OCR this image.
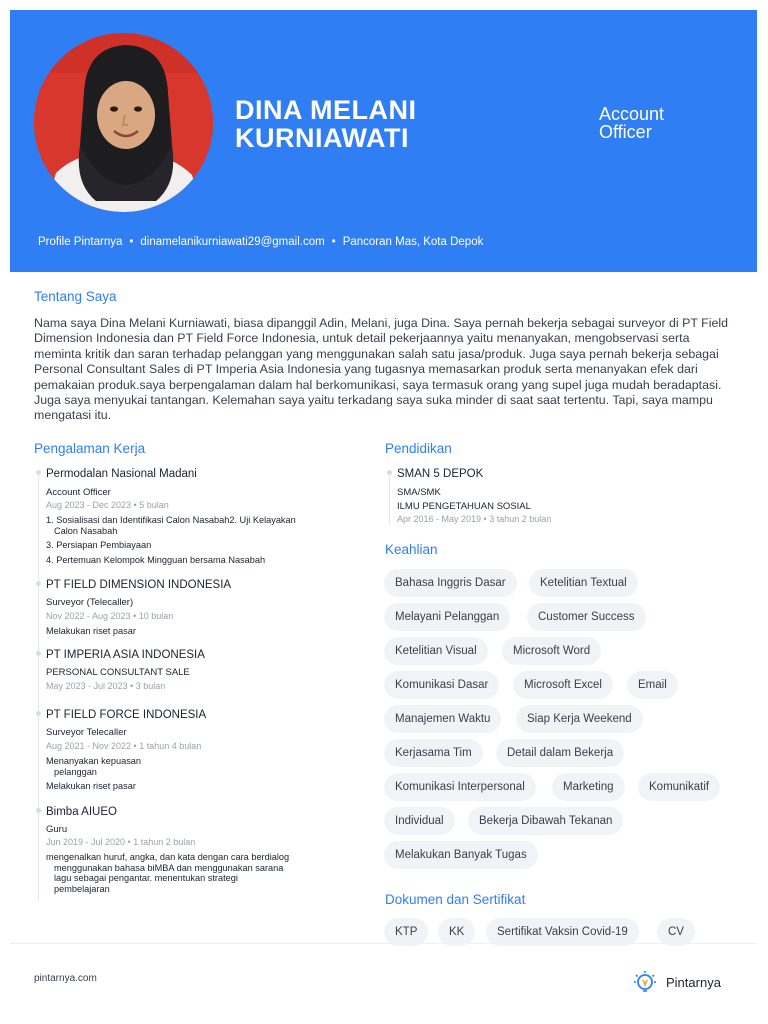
DINA MELANI
KURNIAWATI
Account
Officer
Profile Pintarnya • dinamelanikurniawati29@gmail.com • Pancoran Mas, Kota Depok
Tentang Saya

Nama saya Dina Melani Kurniawati, biasa dipanggil Adin, Melani, juga Dina. Saya pernah bekerja sebagai surveyor di PT Field Dimension Indonesia dan PT Field Force Indonesia, untuk detail pekerjaannya yaitu menanyakan, mengobservasi serta meminta kritik dan saran terhadap pelanggan yang menggunakan salah satu jasa/produk. Juga saya pernah bekerja sebagai Personal Consultant Sales di PT Imperia Asia Indonesia yang tugasnya memasarkan produk serta menanyakan efek dari pemakaian produk.saya berpengalaman dalam hal berkomunikasi, saya termasuk orang yang supel juga mudah beradaptasi. Juga saya menyukai tantangan. Kelemahan saya yaitu terkadang saya suka minder di saat saat tertentu. Tapi, saya mampu mengatasi itu.

Pengalaman Kerja
Permodalan Nasional Madani
Account Officer
Aug 2023 - Dec 2023 • 5 bulan
1. Sosialisasi dan Identifikasi Calon Nasabah2. Uji Kelayakan
Calon Nasabah
3. Persiapan Pembiayaan
4. Pertemuan Kelompok Mingguan bersama Nasabah
PT FIELD DIMENSION INDONESIA
Surveyor (Telecaller)
Nov 2022 - Aug 2023 • 10 bulan
Melakukan riset pasar
PT IMPERIA ASIA INDONESIA
PERSONAL CONSULTANT SALE
May 2023 - Jul 2023 • 3 bulan
PT FIELD FORCE INDONESIA
Surveyor Telecaller
Aug 2021 - Nov 2022 • 1 tahun 4 bulan
Menanyakan kepuasan
pelanggan
Melakukan riset pasar
Bimba AIUEO
Guru
Jun 2019 - Jul 2020 • 1 tahun 2 bulan
mengenalkan huruf, angka, dan kata dengan cara berdialog
menggunakan bahasa biMBA dan menggunakan sarana
lagu sebagai pengantar. menentukan strategi
pembelajaran
Pendidikan
SMAN 5 DEPOK
SMA/SMK
ILMU PENGETAHUAN SOSIAL
Apr 2016 - May 2019 • 3 tahun 2 bulan
Keahlian
Bahasa Inggris Dasar	Ketelitian Textual
Melayani Pelanggan	Customer Success
Ketelitian Visual	Microsoft Word
Komunikasi Dasar	Microsoft Excel	Email
Manajemen Waktu	Siap Kerja Weekend
Kerjasama Tim	Detail dalam Bekerja
Komunikasi Interpersonal	Marketing	Komunikatif
Individual	Bekerja Dibawah Tekanan
Melakukan Banyak Tugas
Dokumen dan Sertifikat
KTP	KK	Sertifikat Vaksin Covid-19	CV
pintarnya.com	Pintarnya
